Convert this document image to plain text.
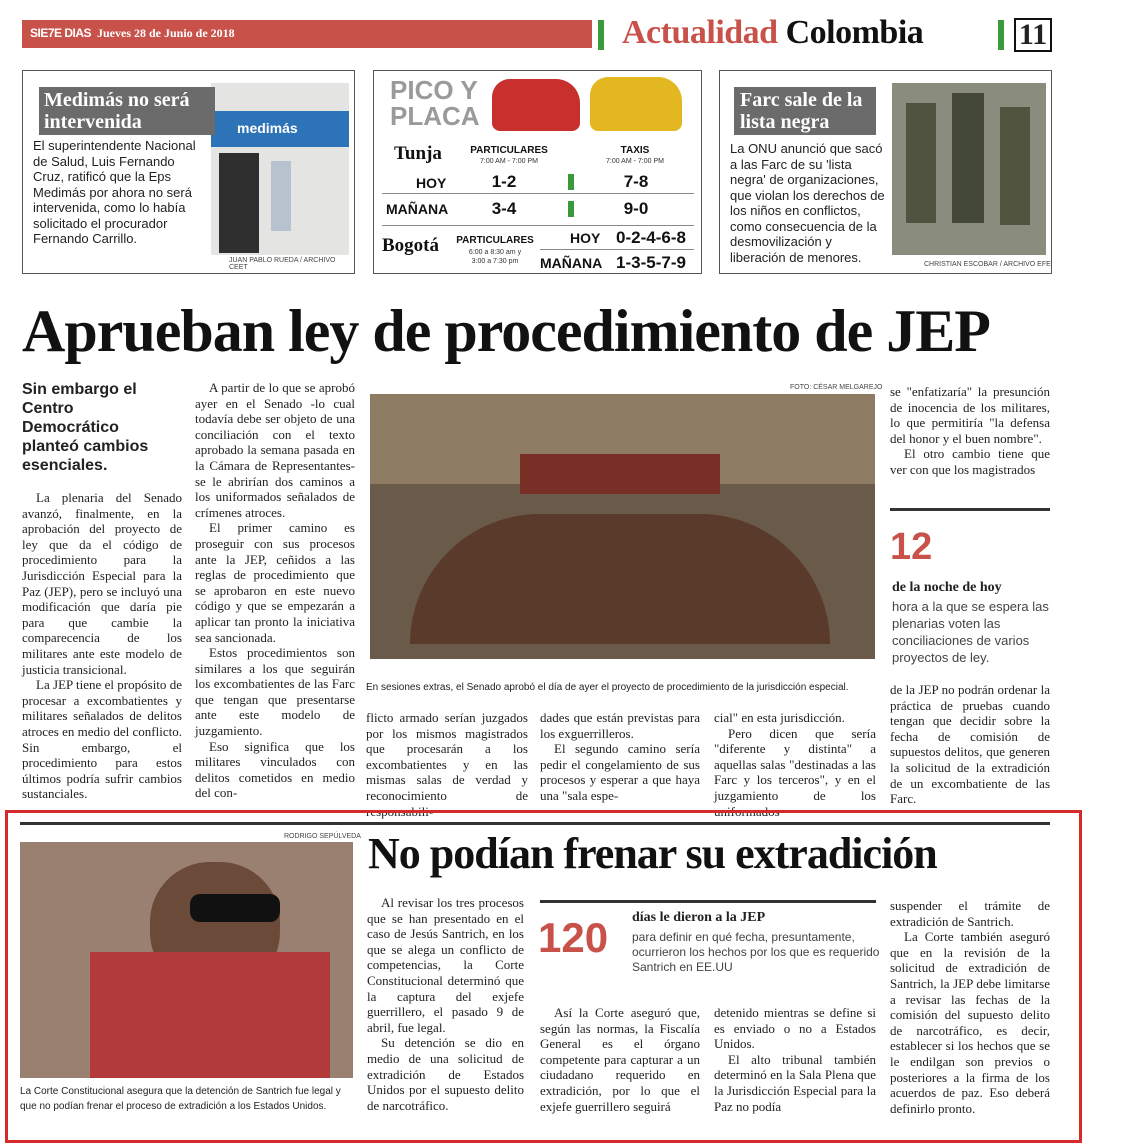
SIE7E DIAS Jueves 28 de Junio de 2018	Actualidad Colombia	11
medimás
Medimás no será intervenida
El superintendente Nacional de Salud, Luis Fernando Cruz, ratificó que la Eps Medimás por ahora no será intervenida, como lo había solicitado el procurador Fernando Carrillo.
JUAN PABLO RUEDA / ARCHIVO CEET
PICO Y PLACA
Tunja	PARTICULARES
7:00 AM - 7:00 PM
TAXIS
7:00 AM - 7:00 PM
HOY	1-2	7-8
MAÑANA	3-4	9-0
Bogotá	PARTICULARES
6:00 a 8:30 am y
3:00 a 7:30 pm
HOY 0-2-4-6-8
MAÑANA 1-3-5-7-9
Farc sale de la lista negra
La ONU anunció que sacó a las Farc de su 'lista negra' de organizaciones, que violan los derechos de los niños en conflictos, como consecuencia de la desmovilización y liberación de menores.	CHRISTIAN ESCOBAR / ARCHIVO EFE
Aprueban ley de procedimiento de JEP
Sin embargo el Centro Democrático planteó cambios esenciales.

La plenaria del Senado avanzó, finalmente, en la aprobación del proyecto de ley que da el código de procedimiento para la Jurisdicción Especial para la Paz (JEP), pero se incluyó una modificación que daría pie para que cambie la comparecencia de los militares ante este modelo de justicia transicional.

La JEP tiene el propósito de procesar a excombatientes y militares señalados de delitos atroces en medio del conflicto. Sin embargo, el procedimiento para estos últimos podría sufrir cambios sustanciales.

A partir de lo que se aprobó ayer en el Senado -lo cual todavía debe ser objeto de una conciliación con el texto aprobado la semana pasada en la Cámara de Representantes- se le abrirían dos caminos a los uniformados señalados de crímenes atroces.

El primer camino es proseguir con sus procesos ante la JEP, ceñidos a las reglas de procedimiento que se aprobaron en este nuevo código y que se empezarán a aplicar tan pronto la iniciativa sea sancionada.

Estos procedimientos son similares a los que seguirán los excombatientes de las Farc que tengan que presentarse ante este modelo de juzgamiento.

Eso significa que los militares vinculados con delitos cometidos en medio del con-

FOTO: CÉSAR MELGAREJO
En sesiones extras, el Senado aprobó el día de ayer el proyecto de procedimiento de la jurisdicción especial.

flicto armado serían juzgados por los mismos magistrados que procesarán a los excombatientes y en las mismas salas de verdad y reconocimiento de responsabili-

dades que están previstas para los exguerrilleros.

El segundo camino sería pedir el congelamiento de sus procesos y esperar a que haya una "sala espe-

cial" en esta jurisdicción.

Pero dicen que sería "diferente y distinta" a aquellas salas "destinadas a las Farc y los terceros", y en el juzgamiento de los uniformados

se "enfatizaría" la presunción de inocencia de los militares, lo que permitiría "la defensa del honor y el buen nombre".

El otro cambio tiene que ver con que los magistrados

12
de la noche de hoy
hora a la que se espera las plenarias voten las conciliaciones de varios proyectos de ley.

de la JEP no podrán ordenar la práctica de pruebas cuando tengan que decidir sobre la fecha de comisión de supuestos delitos, que generen la solicitud de la extradición de un excombatiente de las Farc.

RODRIGO SEPÚLVEDA
La Corte Constitucional asegura que la detención de Santrich fue legal y que no podían frenar el proceso de extradición a los Estados Unidos.
No podían frenar su extradición

Al revisar los tres procesos que se han presentado en el caso de Jesús Santrich, en los que se alega un conflicto de competencias, la Corte Constitucional determinó que la captura del exjefe guerrillero, el pasado 9 de abril, fue legal.

Su detención se dio en medio de una solicitud de extradición de Estados Unidos por el supuesto delito de narcotráfico.

120 días le dieron a la JEP
para definir en qué fecha, presuntamente, ocurrieron los hechos por los que es requerido Santrich en EE.UU

Así la Corte aseguró que, según las normas, la Fiscalía General es el órgano competente para capturar a un ciudadano requerido en extradición, por lo que el exjefe guerrillero seguirá

detenido mientras se define si es enviado o no a Estados Unidos.

El alto tribunal también determinó en la Sala Plena que la Jurisdicción Especial para la Paz no podía

suspender el trámite de extradición de Santrich.

La Corte también aseguró que en la revisión de la solicitud de extradición de Santrich, la JEP debe limitarse a revisar las fechas de la comisión del supuesto delito de narcotráfico, es decir, establecer si los hechos que se le endilgan son previos o posteriores a la firma de los acuerdos de paz. Eso deberá definirlo pronto.
